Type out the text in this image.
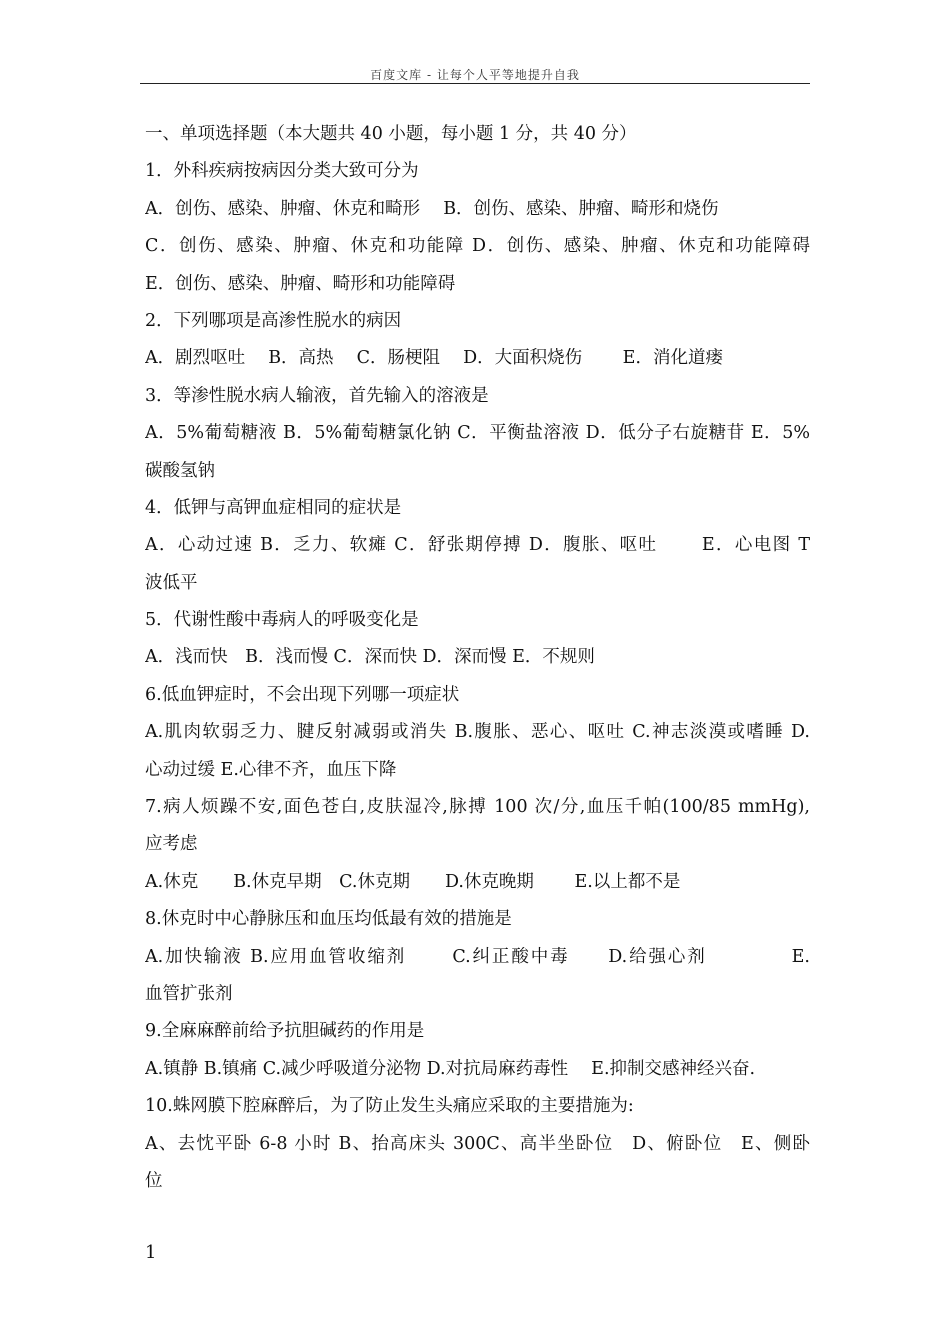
百度文库 - 让每个人平等地提升自我
一、单项选择题（本大题共 40 小题，每小题 1 分，共 40 分）
1．外科疾病按病因分类大致可分为
A．创伤、感染、肿瘤、休克和畸形　 B．创伤、感染、肿瘤、畸形和烧伤
C．创伤、感染、肿瘤、休克和功能障 D．创伤、感染、肿瘤、休克和功能障碍
E．创伤、感染、肿瘤、畸形和功能障碍
2．下列哪项是高渗性脱水的病因
A．剧烈呕吐　 B．高热　 C．肠梗阻　 D．大面积烧伤　　 E．消化道瘘
3．等渗性脱水病人输液，首先输入的溶液是
A．5%葡萄糖液 B．5%葡萄糖氯化钠 C．平衡盐溶液 D．低分子右旋糖苷 E．5%
碳酸氢钠
4．低钾与高钾血症相同的症状是
A．心动过速 B．乏力、软瘫 C．舒张期停搏 D．腹胀、呕吐　　 E．心电图 T
波低平
5．代谢性酸中毒病人的呼吸变化是
A．浅而快　B．浅而慢 C．深而快 D．深而慢 E．不规则
6.低血钾症时，不会出现下列哪一项症状
A.肌肉软弱乏力、腱反射减弱或消失 B.腹胀、恶心、呕吐 C.神志淡漠或嗜睡 D.
心动过缓 E.心律不齐，血压下降
7.病人烦躁不安,面色苍白,皮肤湿冷,脉搏 100 次/分,血压千帕(100/85 mmHg),
应考虑
A.休克　　B.休克早期　C.休克期　　D.休克晚期　　 E.以上都不是
8.休克时中心静脉压和血压均低最有效的措施是
A.加快输液 B.应用血管收缩剂　　 C.纠正酸中毒　　D.给强心剂　　　　 E.
血管扩张剂
9.全麻麻醉前给予抗胆碱药的作用是
A.镇静 B.镇痛 C.减少呼吸道分泌物 D.对抗局麻药毒性　 E.抑制交感神经兴奋.
10.蛛网膜下腔麻醉后，为了防止发生头痛应采取的主要措施为:
A、去忱平卧 6-8 小时 B、抬高床头 300C、高半坐卧位　D、俯卧位　E、侧卧
位
1
